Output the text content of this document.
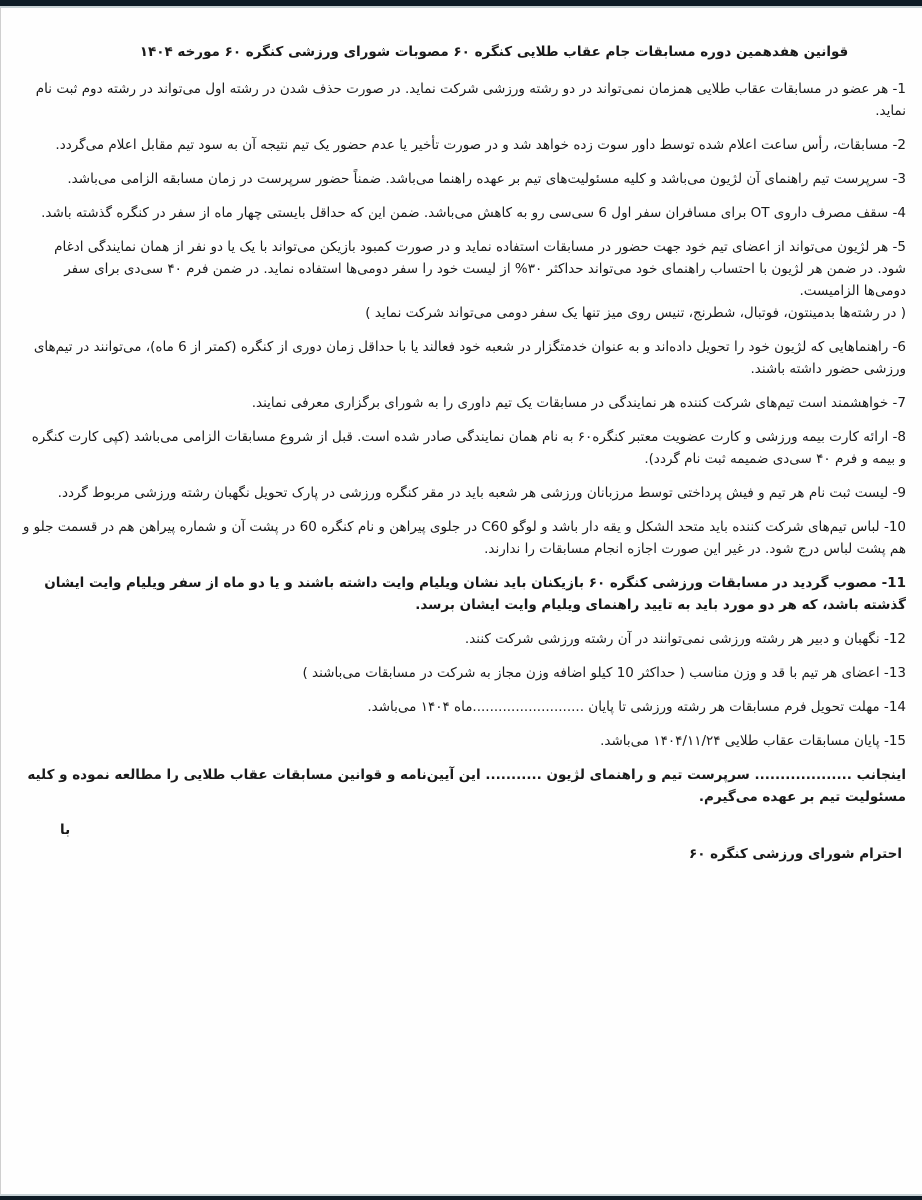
قوانین هفدهمین دوره مسابقات جام عقاب طلایی کنگره ۶۰ مصوبات شورای ورزشی کنگره ۶۰ مورخه ۱۴۰۴
1- هر عضو در مسابقات عقاب طلایی همزمان نمی‌تواند در دو رشته ورزشی شرکت نماید. در صورت حذف شدن در رشته اول می‌تواند در رشته دوم ثبت نام نماید.
2- مسابقات، رأس ساعت اعلام شده توسط داور سوت زده خواهد شد و در صورت تأخیر یا عدم حضور یک تیم نتیجه آن به سود تیم مقابل اعلام می‌گردد.
3- سرپرست تیم راهنمای آن لژیون می‌باشد و کلیه مسئولیت‌های تیم بر عهده راهنما می‌باشد. ضمناً حضور سرپرست در زمان مسابقه الزامی می‌باشد.
4- سقف مصرف داروی OT برای مسافران سفر اول 6 سی‌سی رو به کاهش می‌باشد. ضمن این که حداقل بایستی چهار ماه از سفر در کنگره گذشته باشد.
5- هر لژیون می‌تواند از اعضای تیم خود جهت حضور در مسابقات استفاده نماید و در صورت کمبود بازیکن می‌تواند با یک یا دو نفر از همان نمایندگی ادغام شود. در ضمن هر لژیون با احتساب راهنمای خود می‌تواند حداکثر ۳۰% از لیست خود را سفر دومی‌ها استفاده نماید. در ضمن فرم ۴۰ سی‌دی برای سفر دومی‌ها الزامیست.
( در رشته‌ها بدمینتون، فوتبال، شطرنج، تنیس روی میز تنها یک سفر دومی می‌تواند شرکت نماید )
6- راهنماهایی که لژیون خود را تحویل داده‌اند و به عنوان خدمتگزار در شعبه خود فعالند یا با حداقل زمان دوری از کنگره (کمتر از 6 ماه)، می‌توانند در تیم‌های ورزشی حضور داشته باشند.
7- خواهشمند است تیم‌های شرکت کننده هر نمایندگی در مسابقات یک تیم داوری را به شورای برگزاری معرفی نمایند.
8- ارائه کارت بیمه ورزشی و کارت عضویت معتبر کنگره۶۰ به نام همان نمایندگی صادر شده است. قبل از شروع مسابقات الزامی می‌باشد (کپی کارت کنگره و بیمه و فرم ۴۰ سی‌دی ضمیمه ثبت نام گردد).
9- لیست ثبت نام هر تیم و فیش پرداختی توسط مرزبانان ورزشی هر شعبه باید در مقر کنگره ورزشی در پارک تحویل نگهبان رشته ورزشی مربوط گردد.
10- لباس تیم‌های شرکت کننده باید متحد الشکل و یقه دار باشد و لوگو C60 در جلوی پیراهن و نام کنگره 60 در پشت آن و شماره پیراهن هم در قسمت جلو و هم پشت لباس درج شود. در غیر این صورت اجازه انجام مسابقات را ندارند.
11- مصوب گردید در مسابقات ورزشی کنگره ۶۰ بازیکنان باید نشان ویلیام وایت داشته باشند و یا دو ماه از سفر ویلیام وایت ایشان گذشته باشد، که هر دو مورد باید به تایید راهنمای ویلیام وایت ایشان برسد.
12- نگهبان و دبیر هر رشته ورزشی نمی‌توانند در آن رشته ورزشی شرکت کنند.
13- اعضای هر تیم با قد و وزن مناسب ( حداکثر 10 کیلو اضافه وزن مجاز به شرکت در مسابقات می‌باشند )
14- مهلت تحویل فرم مسابقات هر رشته ورزشی تا پایان ..........................ماه ۱۴۰۴ می‌باشد.
15- پایان مسابقات عقاب طلایی ۱۴۰۴/۱۱/۲۴ می‌باشد.
اینجانب ................... سرپرست تیم و راهنمای لژیون ........... این آیین‌نامه و قوانین مسابقات عقاب طلایی را مطالعه نموده و کلیه مسئولیت تیم بر عهده می‌گیرم.
با
احترام شورای ورزشی کنگره ۶۰
